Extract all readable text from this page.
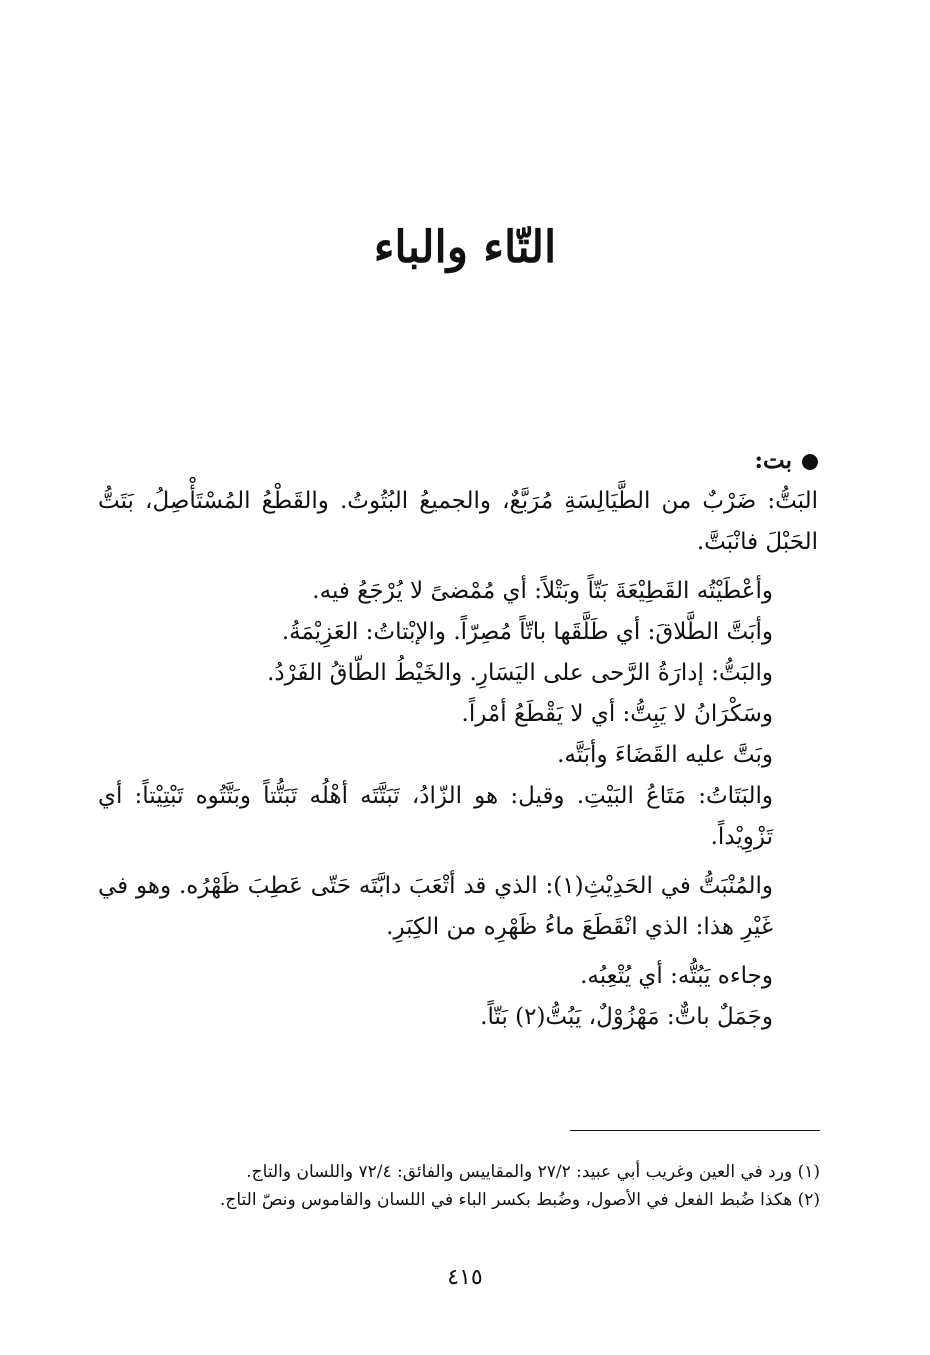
التّاء والباء
بت:

البَتُّ: ضَرْبٌ من الطَّيَالِسَةِ مُرَبَّعٌ، والجميعُ البُتُوتُ. والقَطْعُ المُسْتَأْصِلُ، بَتَتُّ الحَبْلَ فانْبَتَّ.

وأعْطَيْتُه القَطِيْعَةَ بَتّاً وبَتْلاً: أي مُمْضىً لا يُرْجَعُ فيه.

وأبَتَّ الطَّلاقَ: أي طَلَّقَها باتّاً مُصِرّاً. والإبْتاتُ: العَزِيْمَةُ.

والبَتُّ: إدارَةُ الرَّحى على اليَسَارِ. والخَيْطُ الطّاقُ الفَرْدُ.

وسَكْرَانُ لا يَبِتُّ: أي لا يَقْطَعُ أمْراً.

وبَتَّ عليه القَضَاءَ وأبَتَّه.

والبَتَاتُ: مَتَاعُ البَيْتِ. وقيل: هو الزّادُ، تَبَتَّتَه أهْلُه تَبَتُّتاً وبَتَّتُوه تَبْتِيْتاً: أي تَزْوِيْداً.

والمُنْبَتُّ في الحَدِيْثِ(١): الذي قد أتْعَبَ دابَّتَه حَتّى عَطِبَ ظَهْرُه. وهو في غَيْرِ هذا: الذي انْقَطَعَ ماءُ ظَهْرِه من الكِبَرِ.

وجاءه يَبُتُّه: أي يُتْعِبُه.

وجَمَلٌ باتٌّ: مَهْزُوْلٌ، يَبُتُّ(٢) بَتّاً.

(١) ورد في العين وغريب أبي عبيد: ٢٧/٢ والمقاييس والفائق: ٧٢/٤ واللسان والتاج.

(٢) هكذا ضُبط الفعل في الأصول، وضُبط بكسر الباء في اللسان والقاموس ونصّ التاج.

٤١٥
